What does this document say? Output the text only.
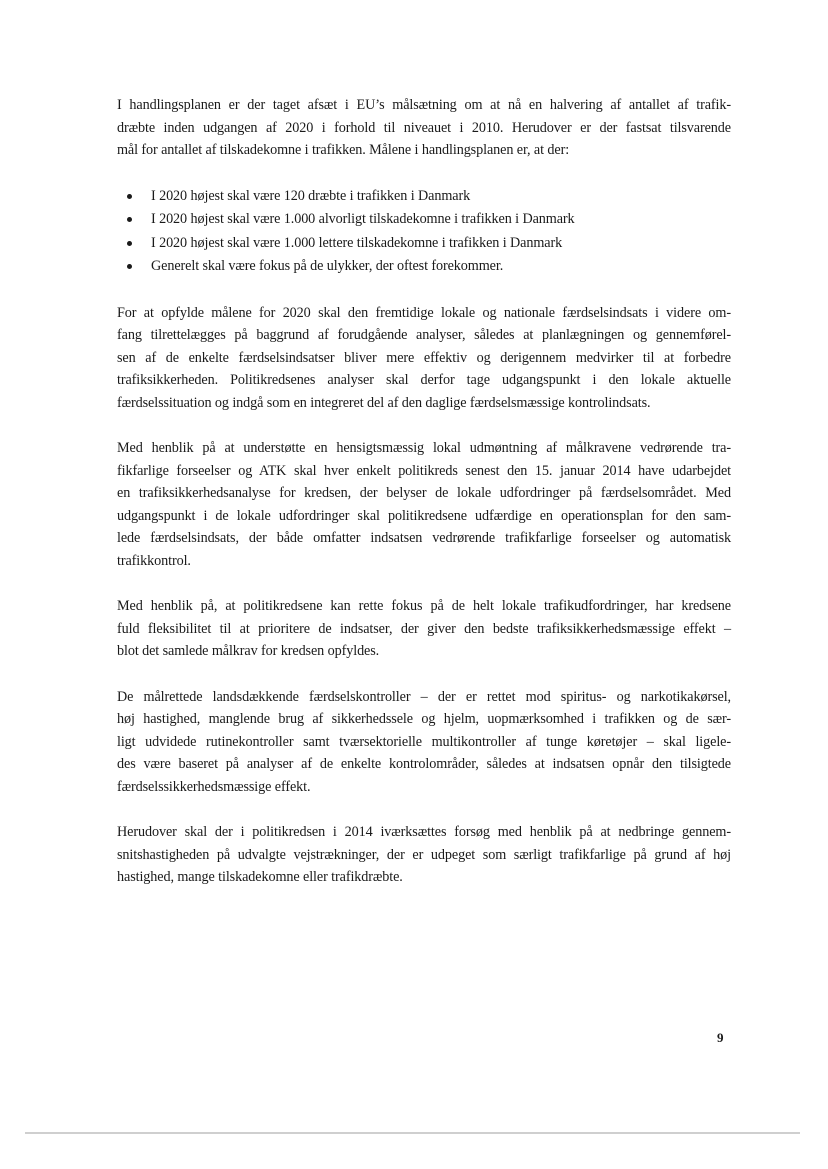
I handlingsplanen er der taget afsæt i EU’s målsætning om at nå en halvering af antallet af trafik-
dræbte inden udgangen af 2020 i forhold til niveauet i 2010. Herudover er der fastsat tilsvarende
mål for antallet af tilskadekomne i trafikken. Målene i handlingsplanen er, at der:

I 2020 højest skal være 120 dræbte i trafikken i Danmark
I 2020 højest skal være 1.000 alvorligt tilskadekomne i trafikken i Danmark
I 2020 højest skal være 1.000 lettere tilskadekomne i trafikken i Danmark
Generelt skal være fokus på de ulykker, der oftest forekommer.

For at opfylde målene for 2020 skal den fremtidige lokale og nationale færdselsindsats i videre om-
fang tilrettelægges på baggrund af forudgående analyser, således at planlægningen og gennemførel-
sen af de enkelte færdselsindsatser bliver mere effektiv og derigennem medvirker til at forbedre
trafiksikkerheden. Politikredsenes analyser skal derfor tage udgangspunkt i den lokale aktuelle
færdselssituation og indgå som en integreret del af den daglige færdselsmæssige kontrolindsats.

Med henblik på at understøtte en hensigtsmæssig lokal udmøntning af målkravene vedrørende tra-
fikfarlige forseelser og ATK skal hver enkelt politikreds senest den 15. januar 2014 have udarbejdet
en trafiksikkerhedsanalyse for kredsen, der belyser de lokale udfordringer på færdselsområdet. Med
udgangspunkt i de lokale udfordringer skal politikredsene udfærdige en operationsplan for den sam-
lede færdselsindsats, der både omfatter indsatsen vedrørende trafikfarlige forseelser og automatisk
trafikkontrol.

Med henblik på, at politikredsene kan rette fokus på de helt lokale trafikudfordringer, har kredsene
fuld fleksibilitet til at prioritere de indsatser, der giver den bedste trafiksikkerhedsmæssige effekt –
blot det samlede målkrav for kredsen opfyldes.

De målrettede landsdækkende færdselskontroller – der er rettet mod spiritus- og narkotikakørsel,
høj hastighed, manglende brug af sikkerhedssele og hjelm, uopmærksomhed i trafikken og de sær-
ligt udvidede rutinekontroller samt tværsektorielle multikontroller af tunge køretøjer – skal ligele-
des være baseret på analyser af de enkelte kontrolområder, således at indsatsen opnår den tilsigtede
færdselssikkerhedsmæssige effekt.

Herudover skal der i politikredsen i 2014 iværksættes forsøg med henblik på at nedbringe gennem-
snitshastigheden på udvalgte vejstrækninger, der er udpeget som særligt trafikfarlige på grund af høj
hastighed, mange tilskadekomne eller trafikdræbte.

9
